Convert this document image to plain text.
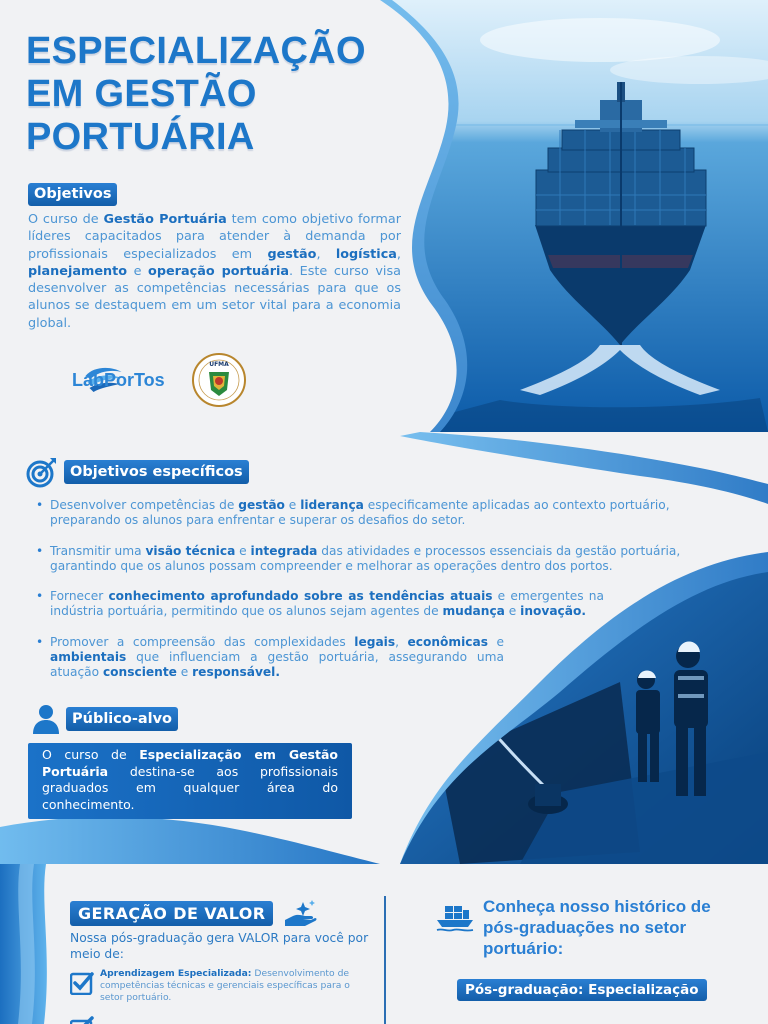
ESPECIALIZAÇÃO
EM GESTÃO
PORTUÁRIA
Objetivos

O curso de Gestão Portuária tem como objetivo formar líderes capacitados para atender à demanda por profissionais especializados em gestão, logística, planejamento e operação portuária. Este curso visa desenvolver as competências necessárias para que os alunos se destaquem em um setor vital para a economia global.

LabPorTos
UFMA
Objetivos específicos
• Desenvolver competências de gestão e liderança especificamente aplicadas ao contexto portuário, preparando os alunos para enfrentar e superar os desafios do setor.
• Transmitir uma visão técnica e integrada das atividades e processos essenciais da gestão portuária, garantindo que os alunos possam compreender e melhorar as operações dentro dos portos.
• Fornecer conhecimento aprofundado sobre as tendências atuais e emergentes na indústria portuária, permitindo que os alunos sejam agentes de mudança e inovação.
• Promover a compreensão das complexidades legais, econômicas e ambientais que influenciam a gestão portuária, assegurando uma atuação consciente e responsável.
Público-alvo

O curso de Especialização em Gestão Portuária destina-se aos profissionais graduados em qualquer área do conhecimento.

GERAÇÃO DE VALOR

Nossa pós-graduação gera VALOR para você por meio de:

Aprendizagem Especializada: Desenvolvimento de competências técnicas e gerenciais específicas para o setor portuário.

Conheça nosso histórico de pós-graduações no setor portuário:
Pós-graduação: Especialização
